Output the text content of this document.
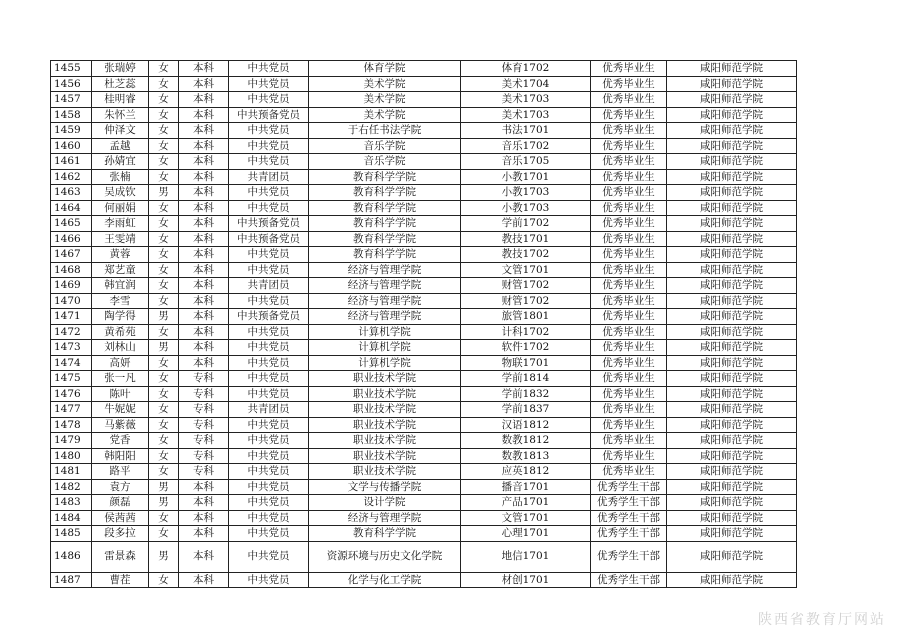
1455	张瑞婷	女	本科	中共党员	体育学院	体育1702	优秀毕业生	咸阳师范学院
1456	杜芝蕊	女	本科	中共党员	美术学院	美术1704	优秀毕业生	咸阳师范学院
1457	桂明睿	女	本科	中共党员	美术学院	美术1703	优秀毕业生	咸阳师范学院
1458	朱怀兰	女	本科	中共预备党员	美术学院	美术1703	优秀毕业生	咸阳师范学院
1459	仲泽文	女	本科	中共党员	于右任书法学院	书法1701	优秀毕业生	咸阳师范学院
1460	孟越	女	本科	中共党员	音乐学院	音乐1702	优秀毕业生	咸阳师范学院
1461	孙婧宜	女	本科	中共党员	音乐学院	音乐1705	优秀毕业生	咸阳师范学院
1462	张楠	女	本科	共青团员	教育科学学院	小教1701	优秀毕业生	咸阳师范学院
1463	吴成钦	男	本科	中共党员	教育科学学院	小教1703	优秀毕业生	咸阳师范学院
1464	何丽娟	女	本科	中共党员	教育科学学院	小教1703	优秀毕业生	咸阳师范学院
1465	李雨虹	女	本科	中共预备党员	教育科学学院	学前1702	优秀毕业生	咸阳师范学院
1466	王雯靖	女	本科	中共预备党员	教育科学学院	教技1701	优秀毕业生	咸阳师范学院
1467	黄蓉	女	本科	中共党员	教育科学学院	教技1702	优秀毕业生	咸阳师范学院
1468	郑艺童	女	本科	中共党员	经济与管理学院	文管1701	优秀毕业生	咸阳师范学院
1469	韩宜润	女	本科	共青团员	经济与管理学院	财管1702	优秀毕业生	咸阳师范学院
1470	李雪	女	本科	中共党员	经济与管理学院	财管1702	优秀毕业生	咸阳师范学院
1471	陶学得	男	本科	中共预备党员	经济与管理学院	旅管1801	优秀毕业生	咸阳师范学院
1472	黄希苑	女	本科	中共党员	计算机学院	计科1702	优秀毕业生	咸阳师范学院
1473	刘林山	男	本科	中共党员	计算机学院	软件1702	优秀毕业生	咸阳师范学院
1474	高妍	女	本科	中共党员	计算机学院	物联1701	优秀毕业生	咸阳师范学院
1475	张一凡	女	专科	中共党员	职业技术学院	学前1814	优秀毕业生	咸阳师范学院
1476	陈叶	女	专科	中共党员	职业技术学院	学前1832	优秀毕业生	咸阳师范学院
1477	牛妮妮	女	专科	共青团员	职业技术学院	学前1837	优秀毕业生	咸阳师范学院
1478	马紫薇	女	专科	中共党员	职业技术学院	汉语1812	优秀毕业生	咸阳师范学院
1479	党香	女	专科	中共党员	职业技术学院	数教1812	优秀毕业生	咸阳师范学院
1480	韩阳阳	女	专科	中共党员	职业技术学院	数教1813	优秀毕业生	咸阳师范学院
1481	路平	女	专科	中共党员	职业技术学院	应英1812	优秀毕业生	咸阳师范学院
1482	袁方	男	本科	中共党员	文学与传播学院	播音1701	优秀学生干部	咸阳师范学院
1483	颜磊	男	本科	中共党员	设计学院	产品1701	优秀学生干部	咸阳师范学院
1484	侯茜茜	女	本科	中共党员	经济与管理学院	文管1701	优秀学生干部	咸阳师范学院
1485	段多拉	女	本科	中共党员	教育科学学院	心理1701	优秀学生干部	咸阳师范学院
1486	雷景森	男	本科	中共党员	资源环境与历史文化学院	地信1701	优秀学生干部	咸阳师范学院
1487	曹茬	女	本科	中共党员	化学与化工学院	材创1701	优秀学生干部	咸阳师范学院
陕西省教育厅网站
